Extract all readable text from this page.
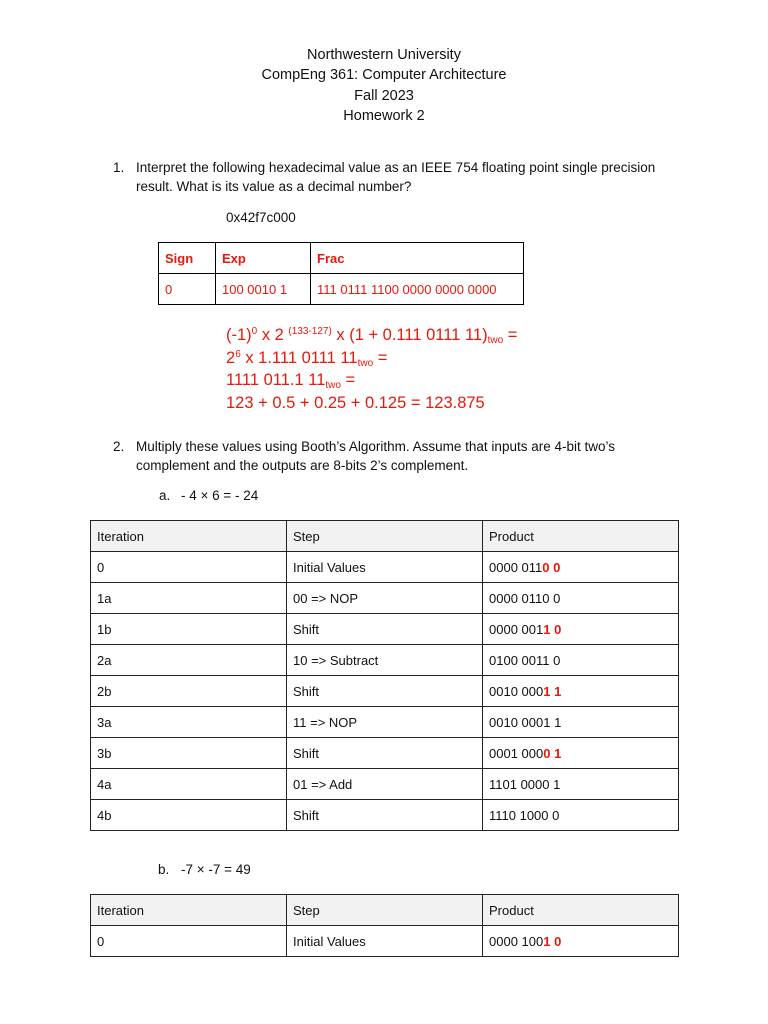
Northwestern University
CompEng 361: Computer Architecture
Fall 2023
Homework 2
1. Interpret the following hexadecimal value as an IEEE 754 floating point single precision
result. What is its value as a decimal number?
0x42f7c000
Sign	Exp	Frac
0	100 0010 1	111 0111 1100 0000 0000 0000
$(-1)^0$ x 2 $^{(133-127)}$ x (1 + 0.111 0111 $11)_{two}$ =
$2^6$ x 1.111 0111 $11_{two}$ =
1111 011.1 $11_{two}$ =
123 + 0.5 + 0.25 + 0.125 = 123.875
2. Multiply these values using Booth’s Algorithm. Assume that inputs are 4-bit two’s
complement and the outputs are 8-bits 2’s complement.
a. - 4 × 6 = - 24
Iteration	Step	Product
0	Initial Values	0000 0110 0
1a	00 => NOP	0000 0110 0
1b	Shift	0000 0011 0
2a	10 => Subtract	0100 0011 0
2b	Shift	0010 0001 1
3a	11 => NOP	0010 0001 1
3b	Shift	0001 0000 1
4a	01 => Add	1101 0000 1
4b	Shift	1110 1000 0
b. -7 × -7 = 49
Iteration	Step	Product
0	Initial Values	0000 1001 0
